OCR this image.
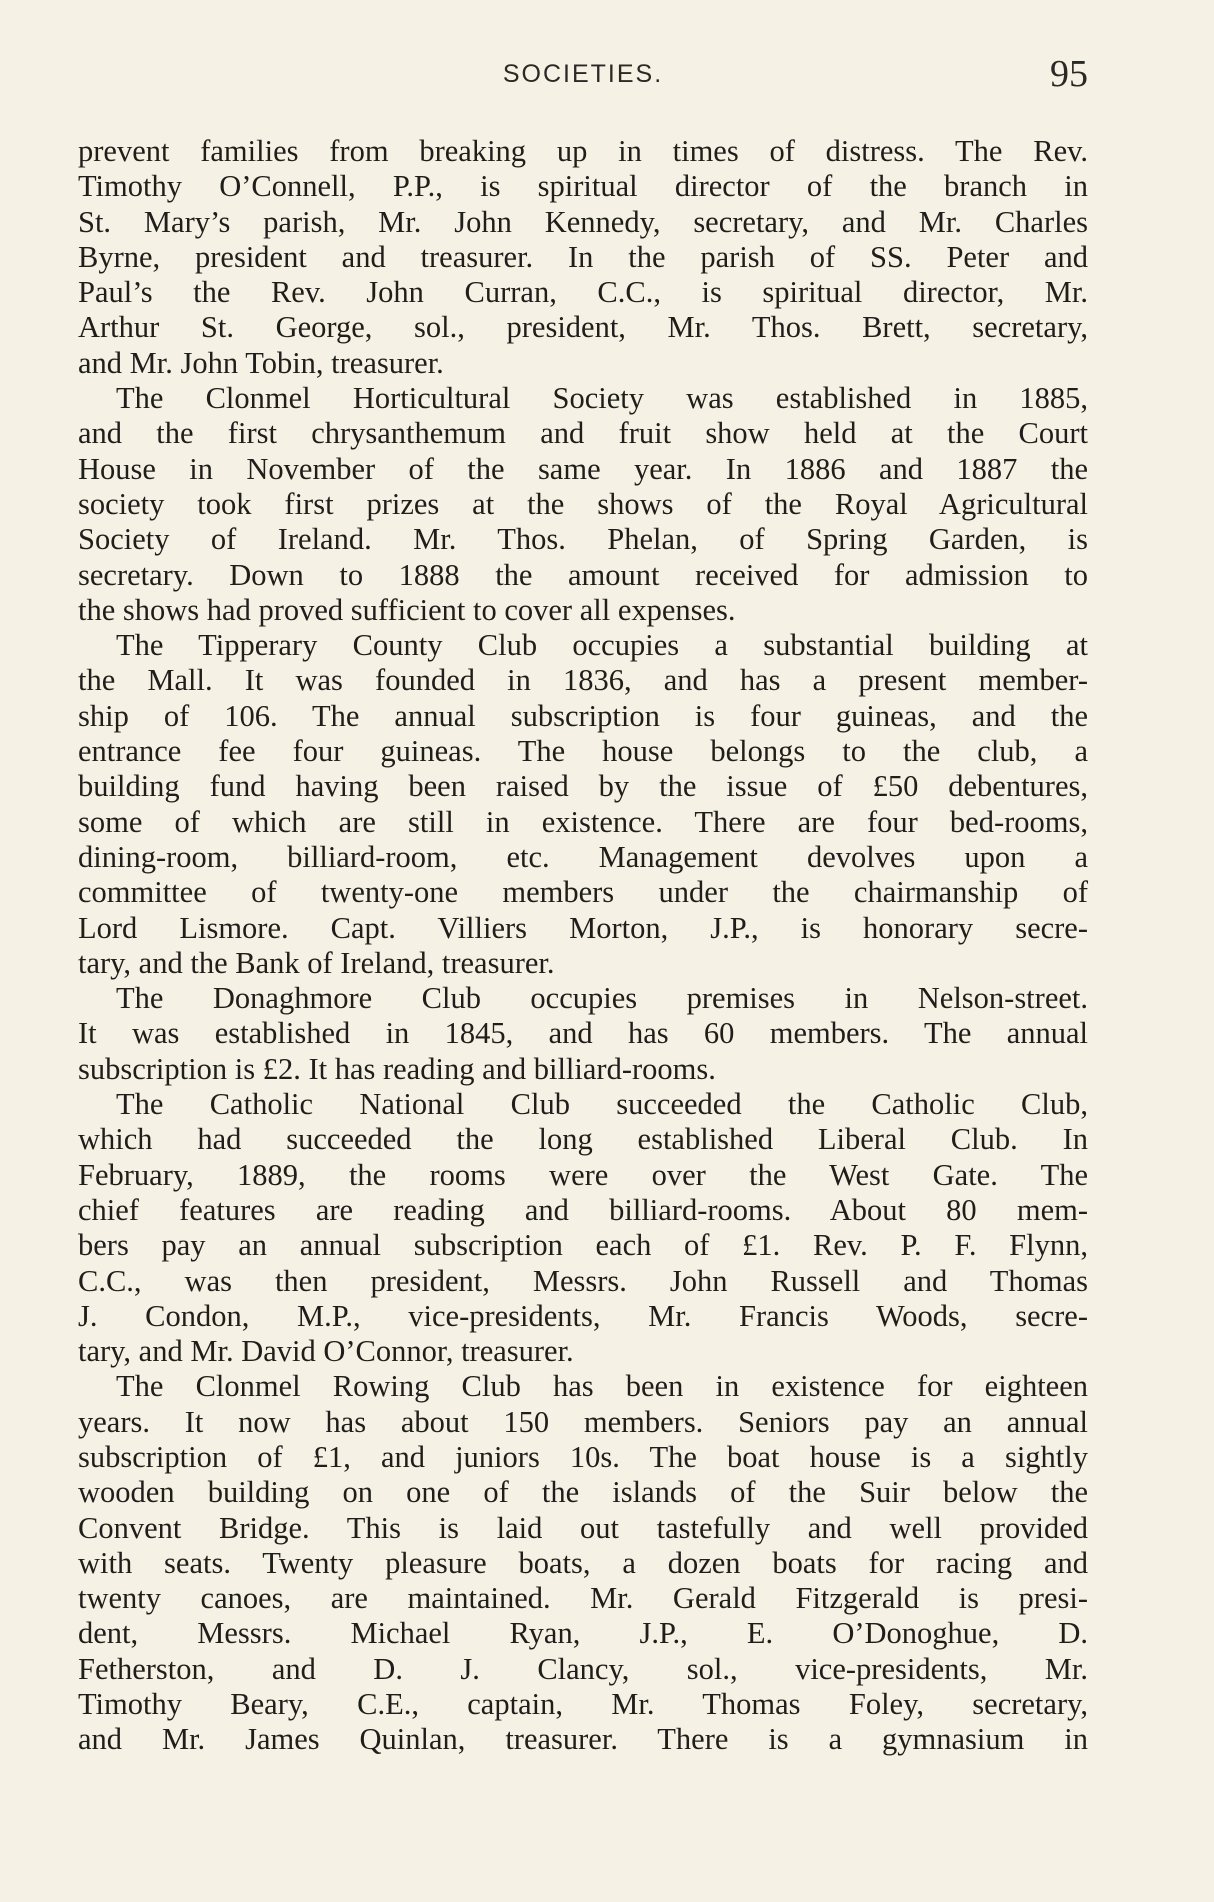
SOCIETIES.	95

prevent families from breaking up in times of distress. The Rev.
Timothy O’Connell, P.P., is spiritual director of the branch in
St. Mary’s parish, Mr. John Kennedy, secretary, and Mr. Charles
Byrne, president and treasurer. In the parish of SS. Peter and
Paul’s the Rev. John Curran, C.C., is spiritual director, Mr.
Arthur St. George, sol., president, Mr. Thos. Brett, secretary,
and Mr. John Tobin, treasurer.

The Clonmel Horticultural Society was established in 1885,
and the first chrysanthemum and fruit show held at the Court
House in November of the same year. In 1886 and 1887 the
society took first prizes at the shows of the Royal Agricultural
Society of Ireland. Mr. Thos. Phelan, of Spring Garden, is
secretary. Down to 1888 the amount received for admission to
the shows had proved sufficient to cover all expenses.

The Tipperary County Club occupies a substantial building at
the Mall. It was founded in 1836, and has a present member-
ship of 106. The annual subscription is four guineas, and the
entrance fee four guineas. The house belongs to the club, a
building fund having been raised by the issue of £50 debentures,
some of which are still in existence. There are four bed-rooms,
dining-room, billiard-room, etc. Management devolves upon a
committee of twenty-one members under the chairmanship of
Lord Lismore. Capt. Villiers Morton, J.P., is honorary secre-
tary, and the Bank of Ireland, treasurer.

The Donaghmore Club occupies premises in Nelson-street.
It was established in 1845, and has 60 members. The annual
subscription is £2. It has reading and billiard-rooms.

The Catholic National Club succeeded the Catholic Club,
which had succeeded the long established Liberal Club. In
February, 1889, the rooms were over the West Gate. The
chief features are reading and billiard-rooms. About 80 mem-
bers pay an annual subscription each of £1. Rev. P. F. Flynn,
C.C., was then president, Messrs. John Russell and Thomas
J. Condon, M.P., vice-presidents, Mr. Francis Woods, secre-
tary, and Mr. David O’Connor, treasurer.

The Clonmel Rowing Club has been in existence for eighteen
years. It now has about 150 members. Seniors pay an annual
subscription of £1, and juniors 10s. The boat house is a sightly
wooden building on one of the islands of the Suir below the
Convent Bridge. This is laid out tastefully and well provided
with seats. Twenty pleasure boats, a dozen boats for racing and
twenty canoes, are maintained. Mr. Gerald Fitzgerald is presi-
dent, Messrs. Michael Ryan, J.P., E. O’Donoghue, D.
Fetherston, and D. J. Clancy, sol., vice-presidents, Mr.
Timothy Beary, C.E., captain, Mr. Thomas Foley, secretary,
and Mr. James Quinlan, treasurer. There is a gymnasium in
